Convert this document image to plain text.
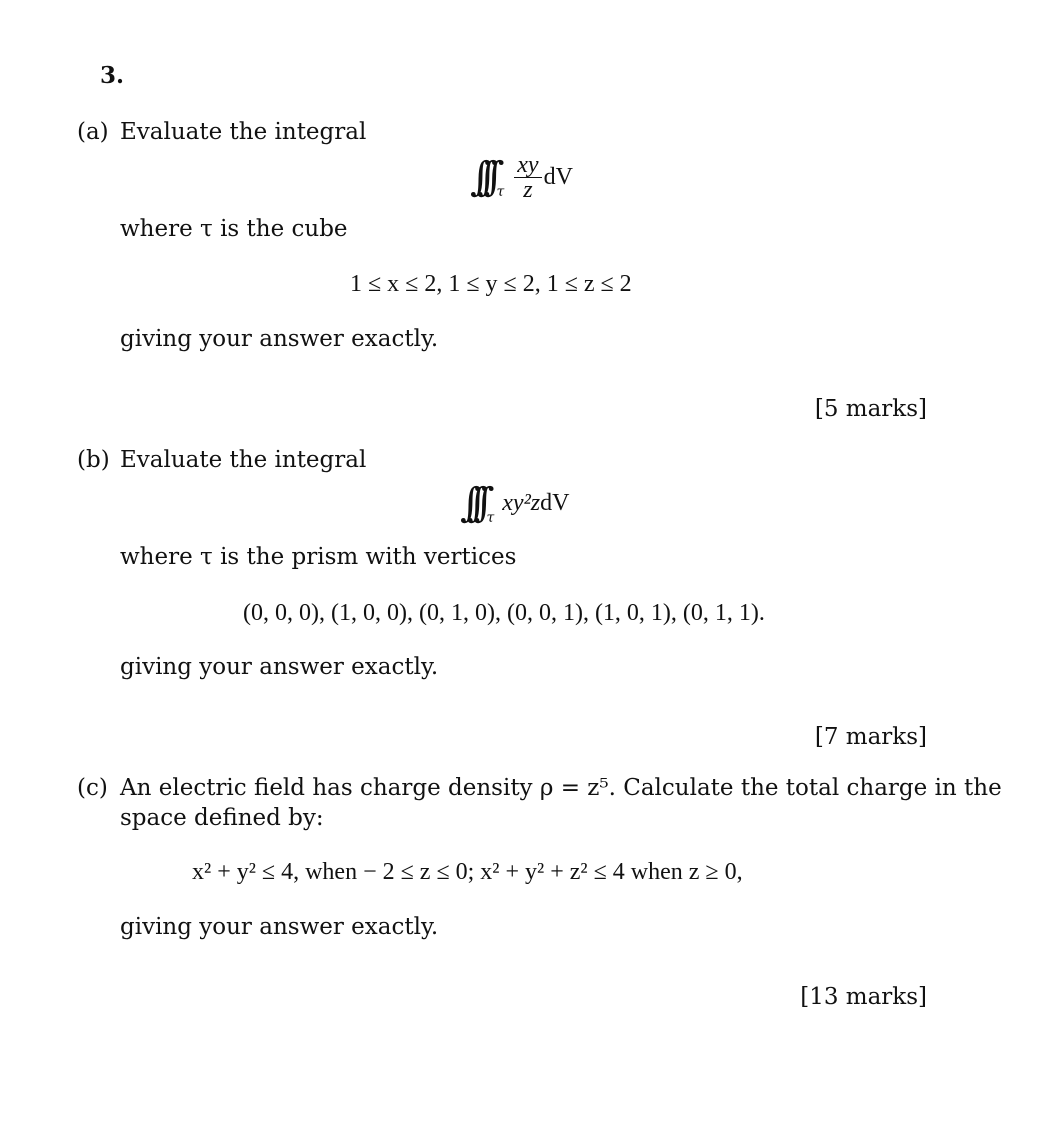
3.
(a) Evaluate the integral
∫∫∫ τ $\frac{xy}{z}$ dV
where τ is the cube
1 ≤ x ≤ 2, 1 ≤ y ≤ 2, 1 ≤ z ≤ 2
giving your answer exactly.
[5 marks]
(b) Evaluate the integral
∫∫∫ τ
xy²z dV
where τ is the prism with vertices
(0, 0, 0), (1, 0, 0), (0, 1, 0), (0, 0, 1), (1, 0, 1), (0, 1, 1).
giving your answer exactly.
[7 marks]
(c) An electric field has charge density ρ = z⁵. Calculate the total charge in the
space defined by:
x² + y² ≤ 4, when − 2 ≤ z ≤ 0; x² + y² + z² ≤ 4 when z ≥ 0,
giving your answer exactly.
[13 marks]
